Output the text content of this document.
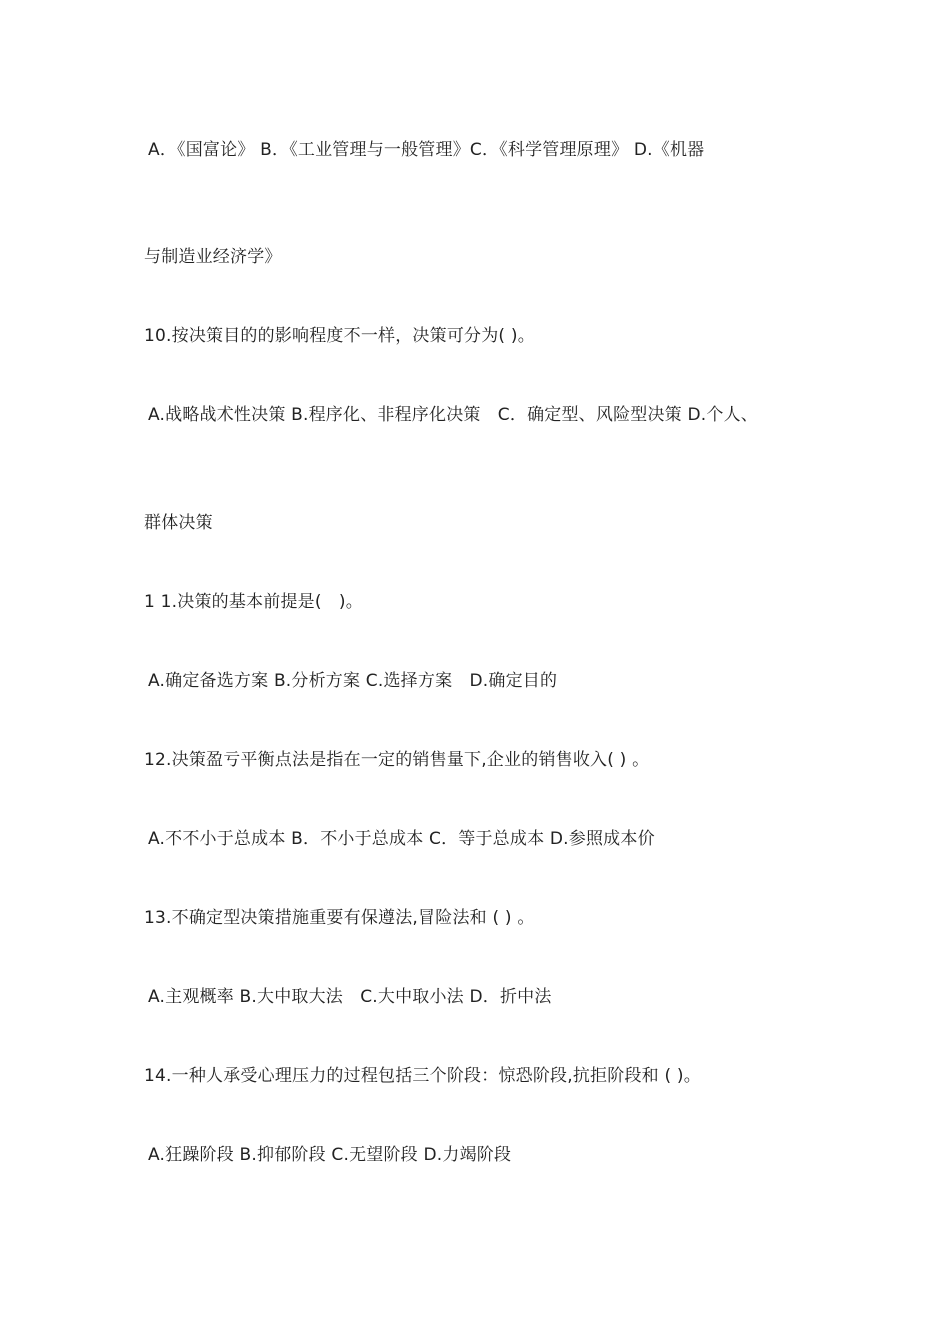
A．《国富论》 B．《工业管理与一般管理》C．《科学管理原理》 D.《机器
与制造业经济学》
10.按决策目的的影响程度不一样，决策可分为( )。
A.战略战术性决策 B.程序化、非程序化决策　C．确定型、风险型决策 D.个人、
群体决策
1 1.决策的基本前提是(　)。
A.确定备选方案 B.分析方案 C.选择方案　D.确定目的
12.决策盈亏平衡点法是指在一定的销售量下,企业的销售收入( ) 。
A.不不小于总成本 B．不小于总成本 C．等于总成本 D.参照成本价
13.不确定型决策措施重要有保遵法,冒险法和 ( ) 。
A.主观概率 B.大中取大法　C.大中取小法 D．折中法
14.一种人承受心理压力的过程包括三个阶段：惊恐阶段,抗拒阶段和 ( )。
A.狂躁阶段 B.抑郁阶段 C.无望阶段 D.力竭阶段
